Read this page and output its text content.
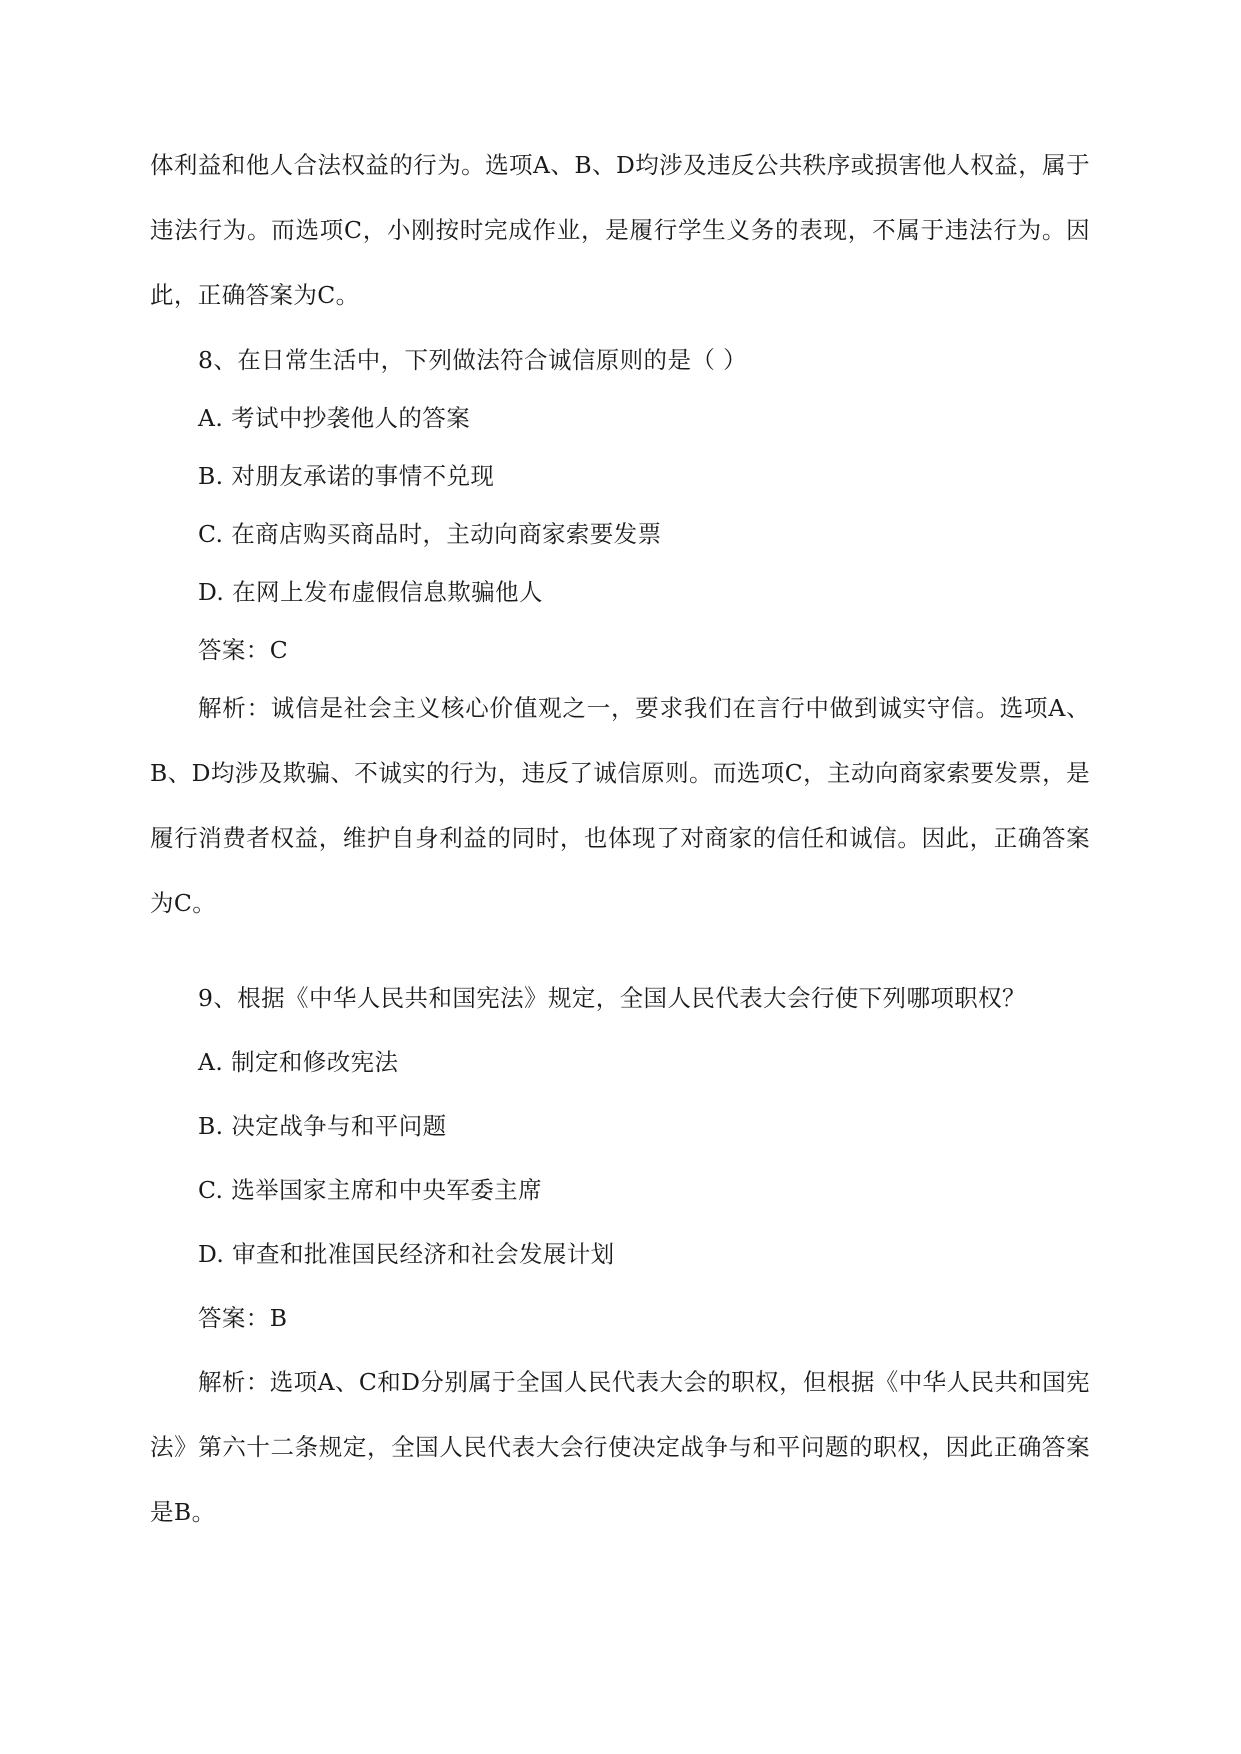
体利益和他人合法权益的行为。选项A、B、D均涉及违反公共秩序或损害他人权益，属于违法行为。而选项C，小刚按时完成作业，是履行学生义务的表现，不属于违法行为。因此，正确答案为C。

8、在日常生活中，下列做法符合诚信原则的是（ ）

A. 考试中抄袭他人的答案

B. 对朋友承诺的事情不兑现

C. 在商店购买商品时，主动向商家索要发票

D. 在网上发布虚假信息欺骗他人

答案：C

解析：诚信是社会主义核心价值观之一，要求我们在言行中做到诚实守信。选项A、B、D均涉及欺骗、不诚实的行为，违反了诚信原则。而选项C，主动向商家索要发票，是履行消费者权益，维护自身利益的同时，也体现了对商家的信任和诚信。因此，正确答案为C。

9、根据《中华人民共和国宪法》规定，全国人民代表大会行使下列哪项职权？

A. 制定和修改宪法

B. 决定战争与和平问题

C. 选举国家主席和中央军委主席

D. 审查和批准国民经济和社会发展计划

答案：B

解析：选项A、C和D分别属于全国人民代表大会的职权，但根据《中华人民共和国宪法》第六十二条规定，全国人民代表大会行使决定战争与和平问题的职权，因此正确答案是B。
